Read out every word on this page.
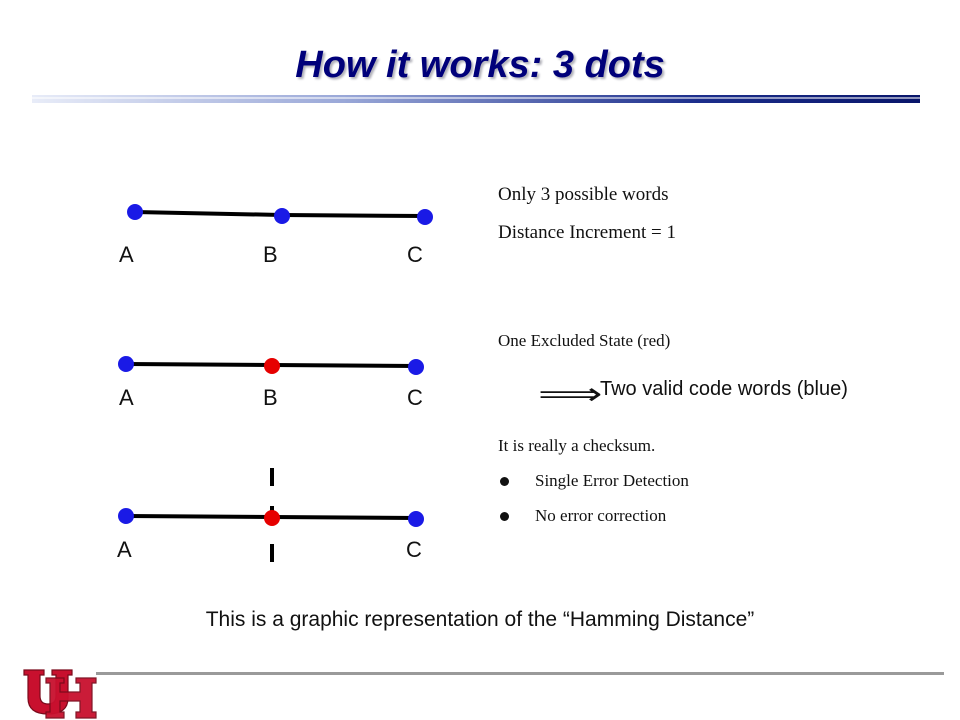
How it works: 3 dots
A	B	C
A	B	C
A	C
Only 3 possible words
Distance Increment = 1
One Excluded State (red)
⟹
Two valid code words (blue)
It is really a checksum.
Single Error Detection
No error correction
This is a graphic representation of the “Hamming Distance”
